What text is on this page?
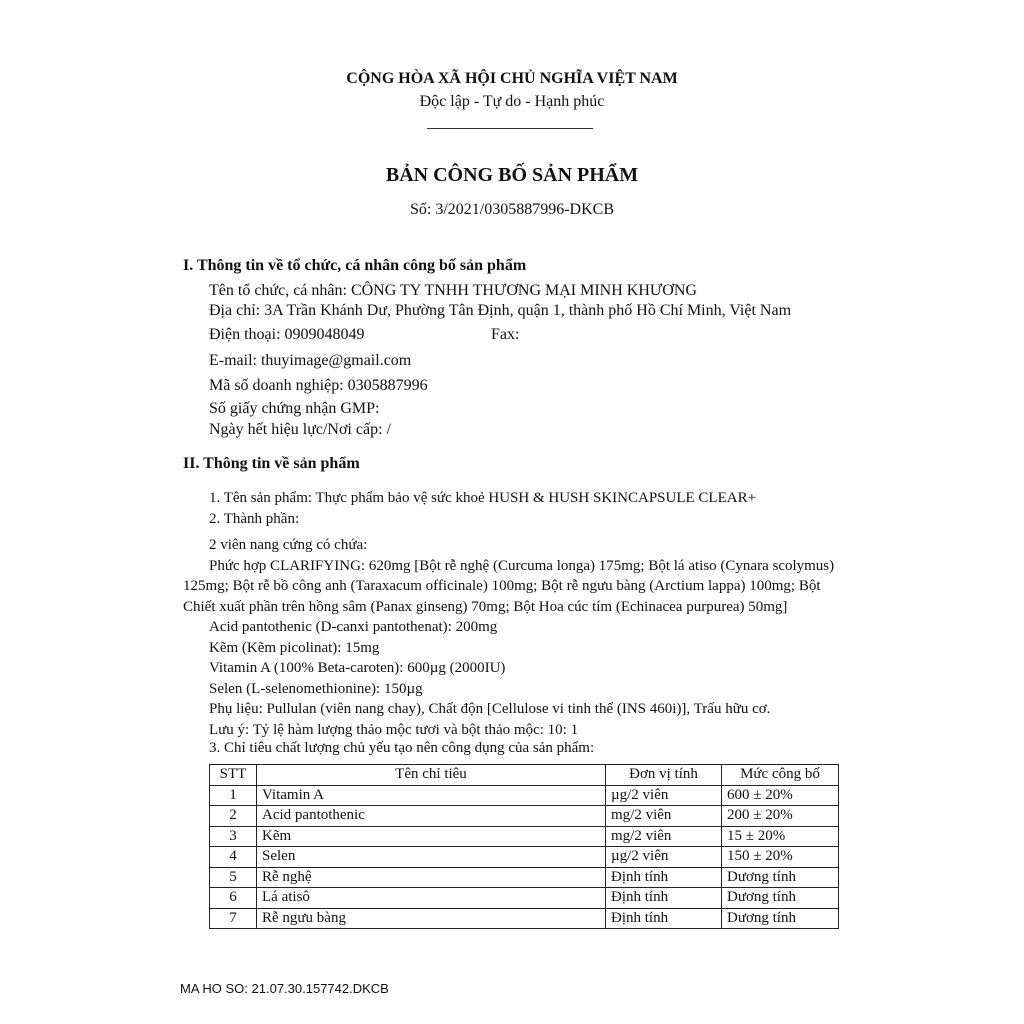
CỘNG HÒA XÃ HỘI CHỦ NGHĨA VIỆT NAM
Độc lập - Tự do - Hạnh phúc
BẢN CÔNG BỐ SẢN PHẨM
Số: 3/2021/0305887996-DKCB
I. Thông tin về tổ chức, cá nhân công bố sản phẩm
Tên tổ chức, cá nhân: CÔNG TY TNHH THƯƠNG MẠI MINH KHƯƠNG
Địa chỉ: 3A Trần Khánh Dư, Phường Tân Định, quận 1, thành phố Hồ Chí Minh, Việt Nam
Điện thoại: 0909048049	Fax:
E-mail: thuyimage@gmail.com
Mã số doanh nghiệp: 0305887996
Số giấy chứng nhận GMP:
Ngày hết hiệu lực/Nơi cấp: /
II. Thông tin về sản phẩm
1. Tên sản phẩm: Thực phẩm bảo vệ sức khoẻ HUSH & HUSH SKINCAPSULE CLEAR+
2. Thành phần:
2 viên nang cứng có chứa:
Phức hợp CLARIFYING: 620mg [Bột rễ nghệ (Curcuma longa) 175mg; Bột lá atiso (Cynara scolymus) 125mg; Bột rễ bồ công anh (Taraxacum officinale) 100mg; Bột rễ ngưu bàng (Arctium lappa) 100mg; Bột Chiết xuất phần trên hồng sâm (Panax ginseng) 70mg; Bột Hoa cúc tím (Echinacea purpurea) 50mg]
Acid pantothenic (D-canxi pantothenat): 200mg
Kẽm (Kẽm picolinat): 15mg
Vitamin A (100% Beta-caroten): 600µg (2000IU)
Selen (L-selenomethionine): 150µg
Phụ liệu: Pullulan (viên nang chay), Chất độn [Cellulose vi tinh thể (INS 460i)], Trấu hữu cơ.
Lưu ý: Tỷ lệ hàm lượng thảo mộc tươi và bột thảo mộc: 10: 1
3. Chỉ tiêu chất lượng chủ yếu tạo nên công dụng của sản phẩm:
STT	Tên chỉ tiêu	Đơn vị tính	Mức công bố
1	Vitamin A	µg/2 viên	600 ± 20%
2	Acid pantothenic	mg/2 viên	200 ± 20%
3	Kẽm	mg/2 viên	15 ± 20%
4	Selen	µg/2 viên	150 ± 20%
5	Rễ nghệ	Định tính	Dương tính
6	Lá atisô	Định tính	Dương tính
7	Rễ ngưu bàng	Định tính	Dương tính
MA HO SO: 21.07.30.157742.DKCB
